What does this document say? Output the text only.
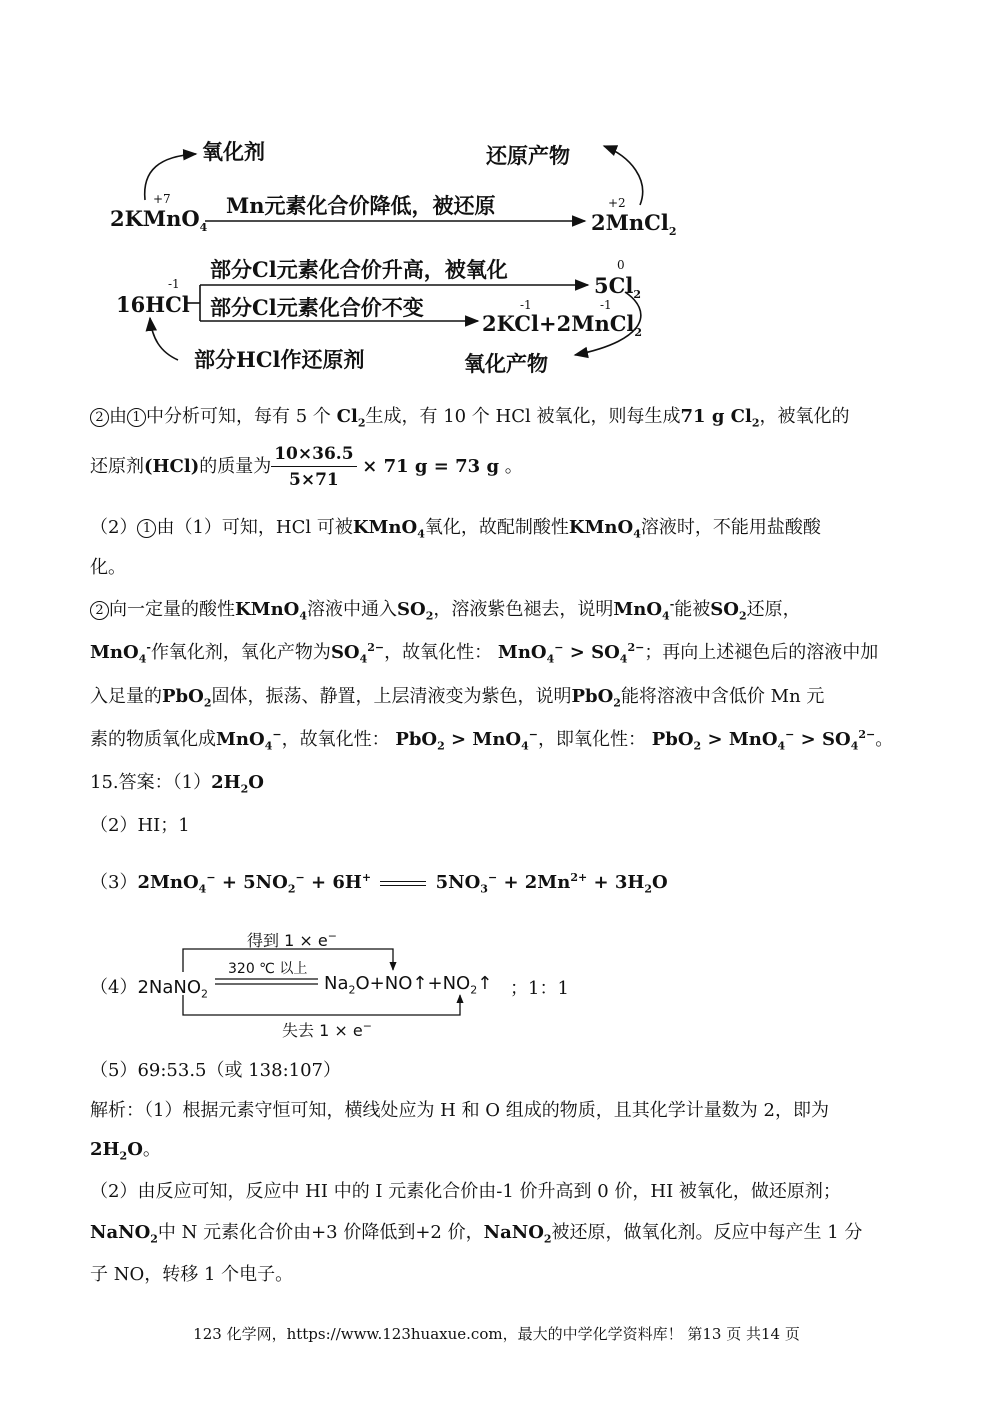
氧化剂	还原产物
2KMnO$_4$
+7	Mn元素化合价降低，被还原
2MnCl$_2$
+2
16HCl
-1
部分Cl元素化合价升高，被氧化
$5Cl_2$
0
部分Cl元素化合价不变
2KCl+2MnCl$_2$
-1	-1
部分HCl作还原剂	氧化产物
2 由 1 中分析可知，每有 5 个 $Cl_2$生成，有 10 个 HCl 被氧化，则每生成71 g $Cl_2$，被氧化的
还原剂(HCl)的质量为 $\frac{10\times 36.5}{5\times 71} \times 71$ g = 73 g 。
（2） 1 由（1）可知，HCl 可被KMnO$_4$氧化，故配制酸性KMnO$_4$溶液时，不能用盐酸酸
化。
2 向一定量的酸性KMnO$_4$溶液中通入$SO_2$，溶液紫色褪去，说明MnO$_4$-能被$SO_2$还原，
MnO$_4$-作氧化剂，氧化产物为$SO_4^{2-}$，故氧化性： $MnO_4^- > SO_4^{2-}$；再向上述褪色后的溶液中加
入足量的PbO$_2$固体，振荡、静置，上层清液变为紫色，说明PbO$_2$能将溶液中含低价 Mn 元
素的物质氧化成MnO$_4$−，故氧化性： PbO$_2$ > MnO$_4$−，即氧化性： $PbO_2 > MnO_4^- > SO_4^{2-}$。
15.答案：$(1)2H_2O$
（2）HI；1
$(3)2MnO_4^- + 5NO_2^- + 6H^+$	$5NO_3^- + 2Mn^{2+} + 3H_2O$
得到 1 × e−
320 ℃ 以上
（4）2NaNO$_2$
$Na_2O+NO↑+NO_2↑$ ；1：1
失去 1 × e−
（5）69:53.5（或 138:107）
解析：（1）根据元素守恒可知，横线处应为 H 和 O 组成的物质，且其化学计量数为 2，即为
$2H_2O$。
（2）由反应可知，反应中 HI 中的 I 元素化合价由-1 价升高到 0 价，HI 被氧化，做还原剂；
NaNO$_2$中 N 元素化合价由+3 价降低到+2 价，NaNO$_2$被还原，做氧化剂。反应中每产生 1 分
子 NO，转移 1 个电子。
123 化学网，https://www.123huaxue.com，最大的中学化学资料库！ 第13 页 共14 页
